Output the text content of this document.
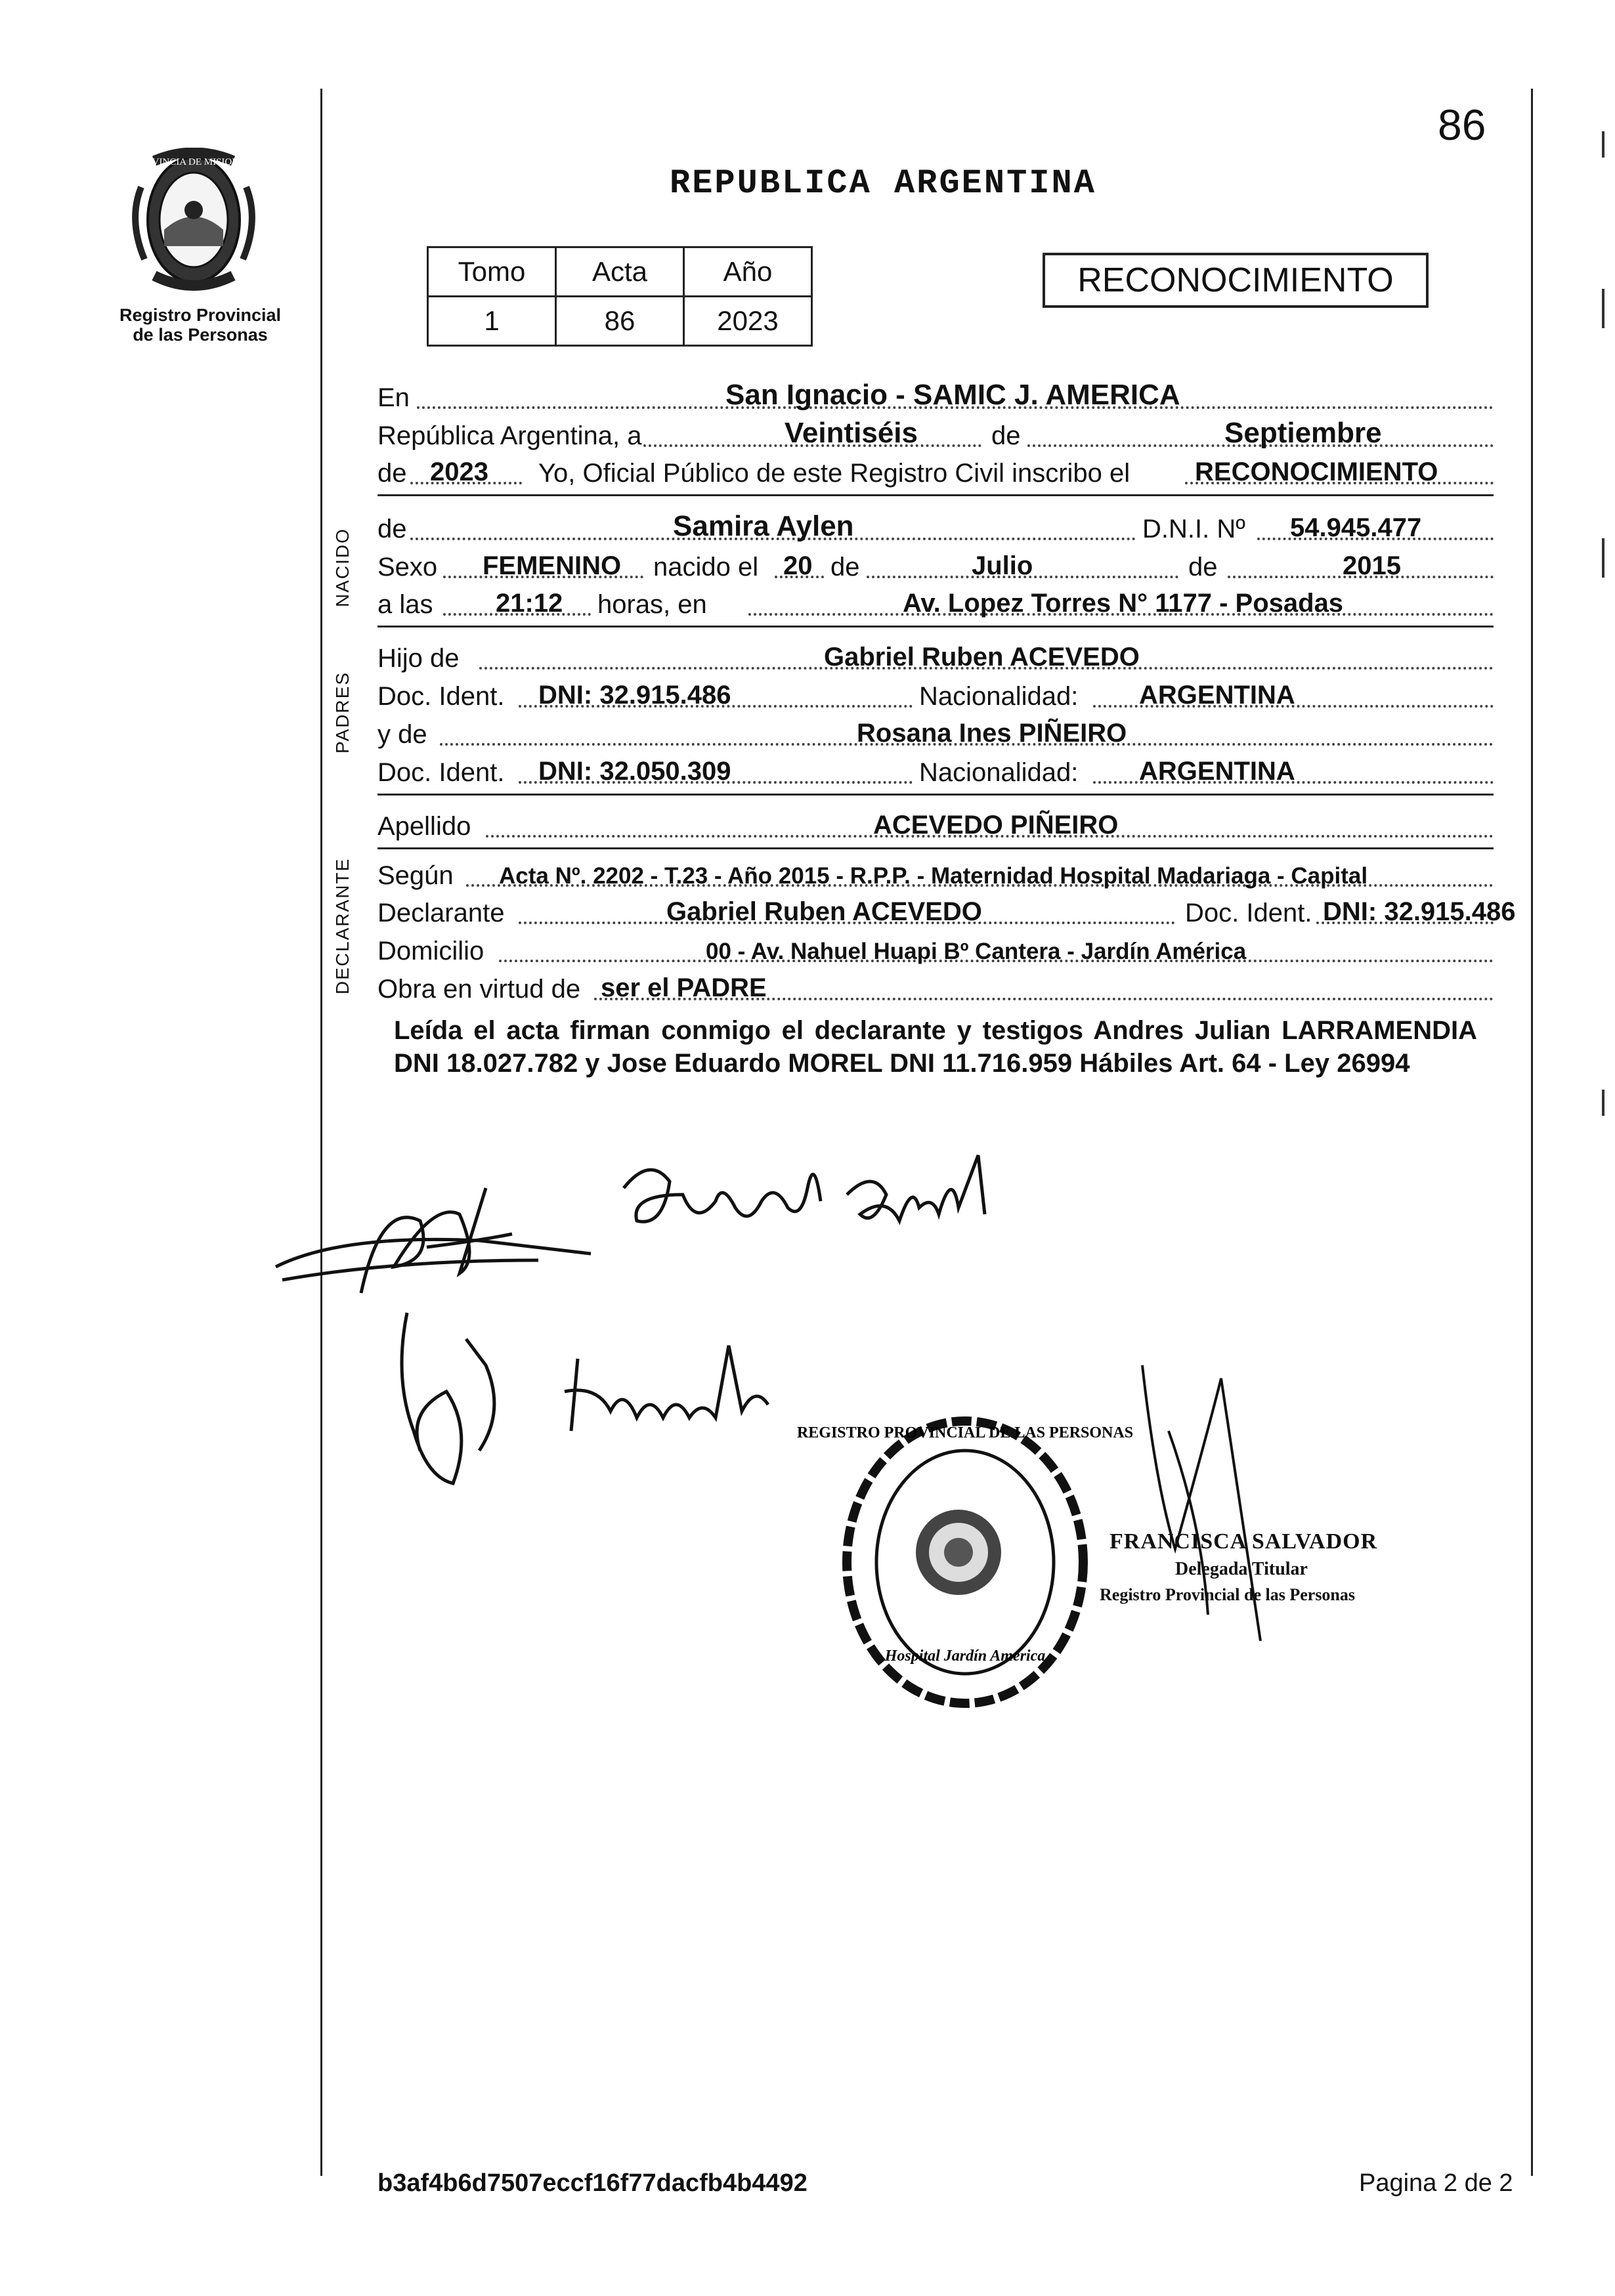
PROVINCIA DE MISIONES
Registro Provincial
de las Personas
86
REPUBLICA ARGENTINA
Tomo	Acta	Año
1	86	2023
RECONOCIMIENTO
En	San Ignacio - SAMIC J. AMERICA
República Argentina, a	Veintiséis	de	Septiembre
de 2023 Yo, Oficial Público de este Registro Civil inscribo el RECONOCIMIENTO
NACIDO de	Samira Aylen	D.N.I. Nº 54.945.477
Sexo FEMENINO nacido el 20 de	Julio	de	2015
a las 21:12 horas, en	Av. Lopez Torres N° 1177 - Posadas
PADRES
Hijo de	Gabriel Ruben ACEVEDO
Doc. Ident. DNI: 32.915.486	Nacionalidad: ARGENTINA
y de	Rosana Ines PIÑEIRO
Doc. Ident. DNI: 32.050.309	Nacionalidad: ARGENTINA
Apellido	ACEVEDO PIÑEIRO
DECLARANTE Según Acta Nº. 2202 - T.23 - Año 2015 - R.P.P. - Maternidad Hospital Madariaga - Capital
Declarante	Gabriel Ruben ACEVEDO	Doc. Ident. DNI: 32.915.486
Domicilio	00 - Av. Nahuel Huapi Bº Cantera - Jardín América
Obra en virtud de ser el PADRE
Leída el acta firman conmigo el declarante y testigos Andres Julian LARRAMENDIA DNI 18.027.782 y Jose Eduardo MOREL DNI 11.716.959 Hábiles Art. 64 - Ley 26994
REGISTRO PROVINCIAL DE LAS PERSONAS
Hospital Jardín América
FRANCISCA SALVADOR
Delegada Titular
Registro Provincial de las Personas
b3af4b6d7507eccf16f77dacfb4b4492	Pagina 2 de 2
